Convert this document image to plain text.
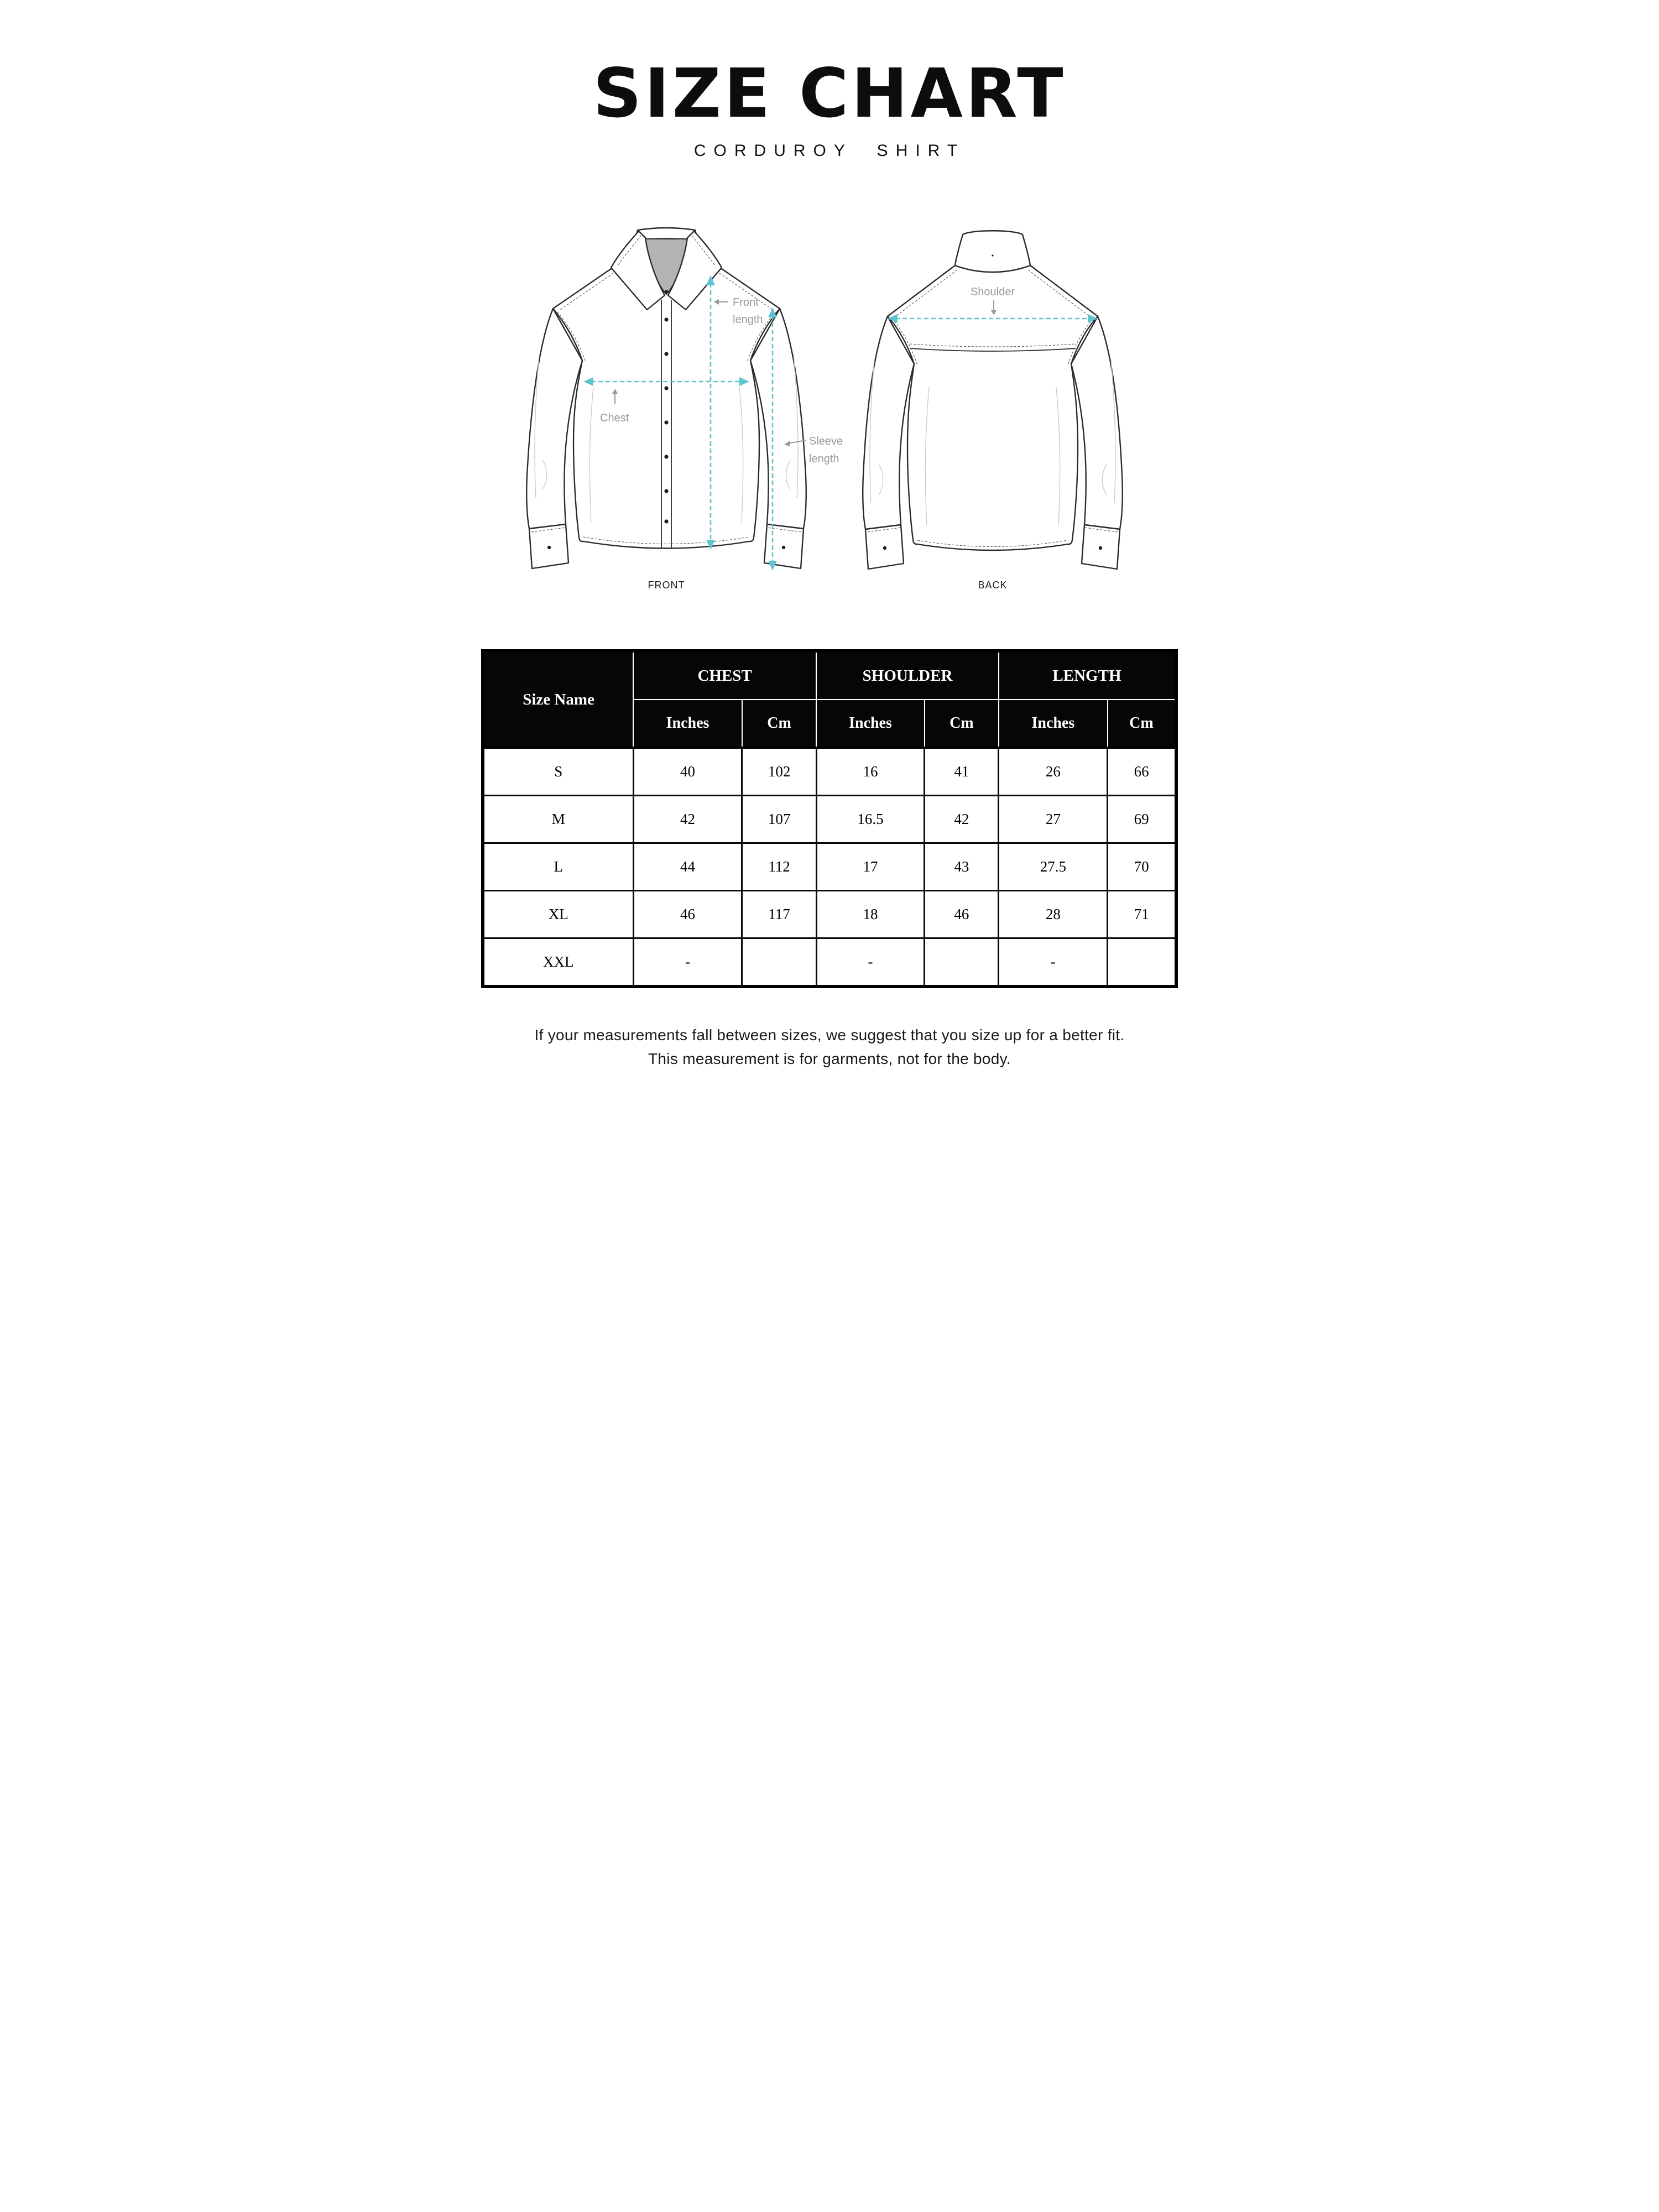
SIZE CHART
CORDUROY SHIRT
Front
length
Chest
Sleeve
length
Shoulder
FRONT	BACK
Size Name	CHEST		SHOULDER		LENGTH	
	Inches	Cm	Inches	Cm	Inches	Cm
S	40	102	16	41	26	66
M	42	107	16.5	42	27	69
L	44	112	17	43	27.5	70
XL	46	117	18	46	28	71
XXL	-		-		-	
If your measurements fall between sizes, we suggest that you size up for a better fit.
This measurement is for garments, not for the body.
